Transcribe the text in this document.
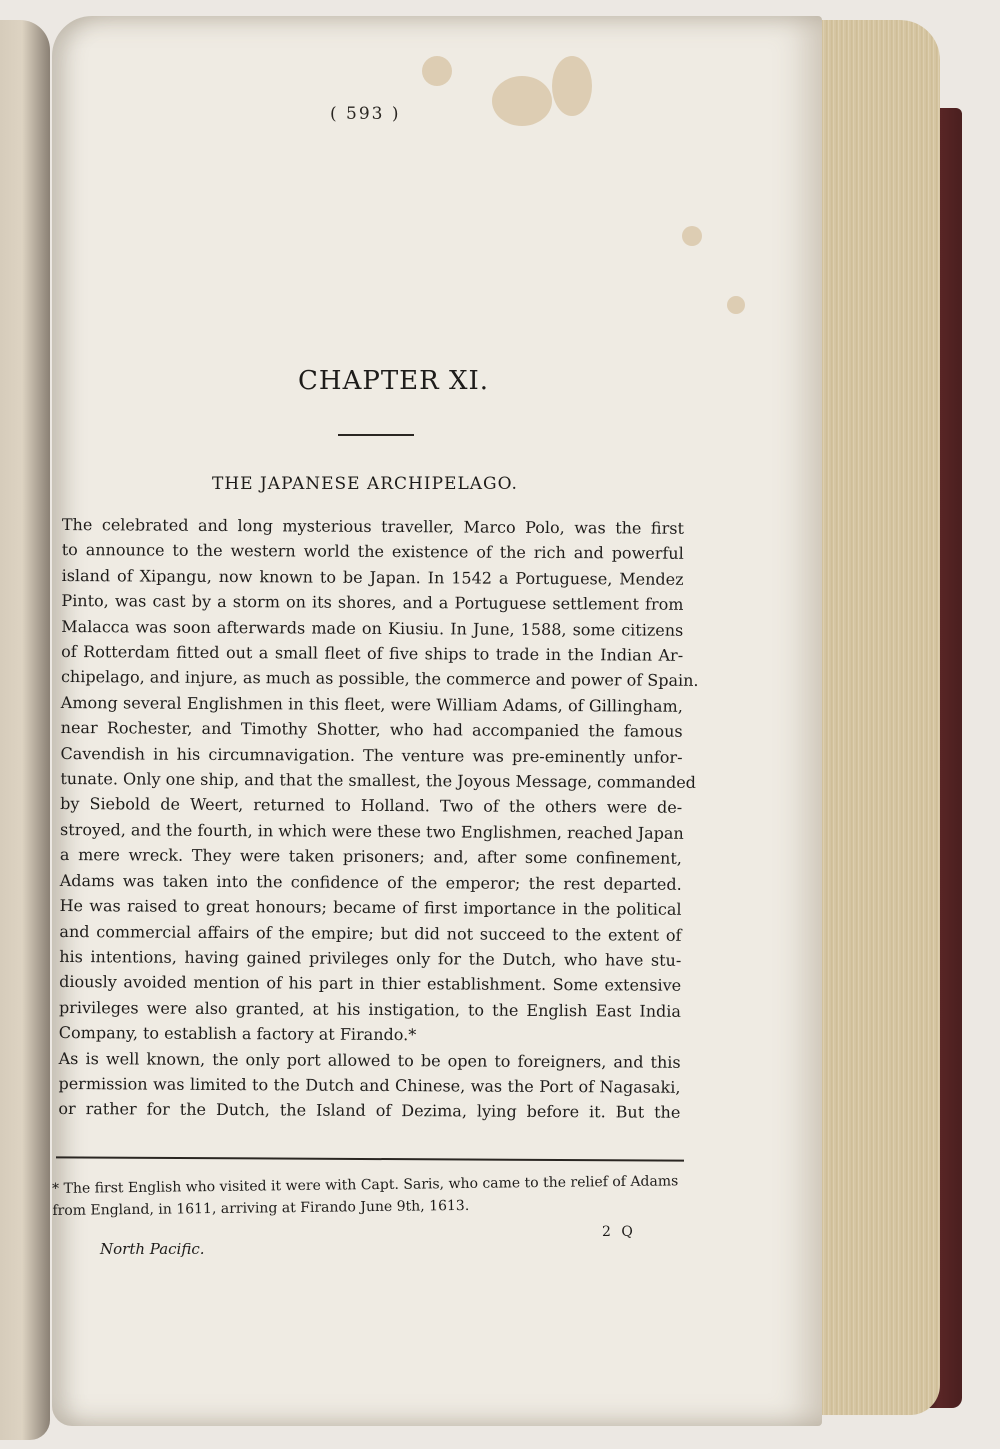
( 593 )
CHAPTER XI.
THE JAPANESE ARCHIPELAGO.
The celebrated and long mysterious traveller, Marco Polo, was the first
to announce to the western world the existence of the rich and powerful
island of Xipangu, now known to be Japan. In 1542 a Portuguese, Mendez
Pinto, was cast by a storm on its shores, and a Portuguese settlement from
Malacca was soon afterwards made on Kiusiu. In June, 1588, some citizens
of Rotterdam fitted out a small fleet of five ships to trade in the Indian Ar-
chipelago, and injure, as much as possible, the commerce and power of Spain.
Among several Englishmen in this fleet, were William Adams, of Gillingham,
near Rochester, and Timothy Shotter, who had accompanied the famous
Cavendish in his circumnavigation. The venture was pre-eminently unfor-
tunate. Only one ship, and that the smallest, the Joyous Message, commanded
by Siebold de Weert, returned to Holland. Two of the others were de-
stroyed, and the fourth, in which were these two Englishmen, reached Japan
a mere wreck. They were taken prisoners; and, after some confinement,
Adams was taken into the confidence of the emperor; the rest departed.
He was raised to great honours; became of first importance in the political
and commercial affairs of the empire; but did not succeed to the extent of
his intentions, having gained privileges only for the Dutch, who have stu-
diously avoided mention of his part in thier establishment. Some extensive
privileges were also granted, at his instigation, to the English East India
Company, to establish a factory at Firando.*
As is well known, the only port allowed to be open to foreigners, and this
permission was limited to the Dutch and Chinese, was the Port of Nagasaki,
or rather for the Dutch, the Island of Dezima, lying before it. But the
* The first English who visited it were with Capt. Saris, who came to the relief of Adams
from England, in 1611, arriving at Firando June 9th, 1613.
North Pacific.
2 Q
